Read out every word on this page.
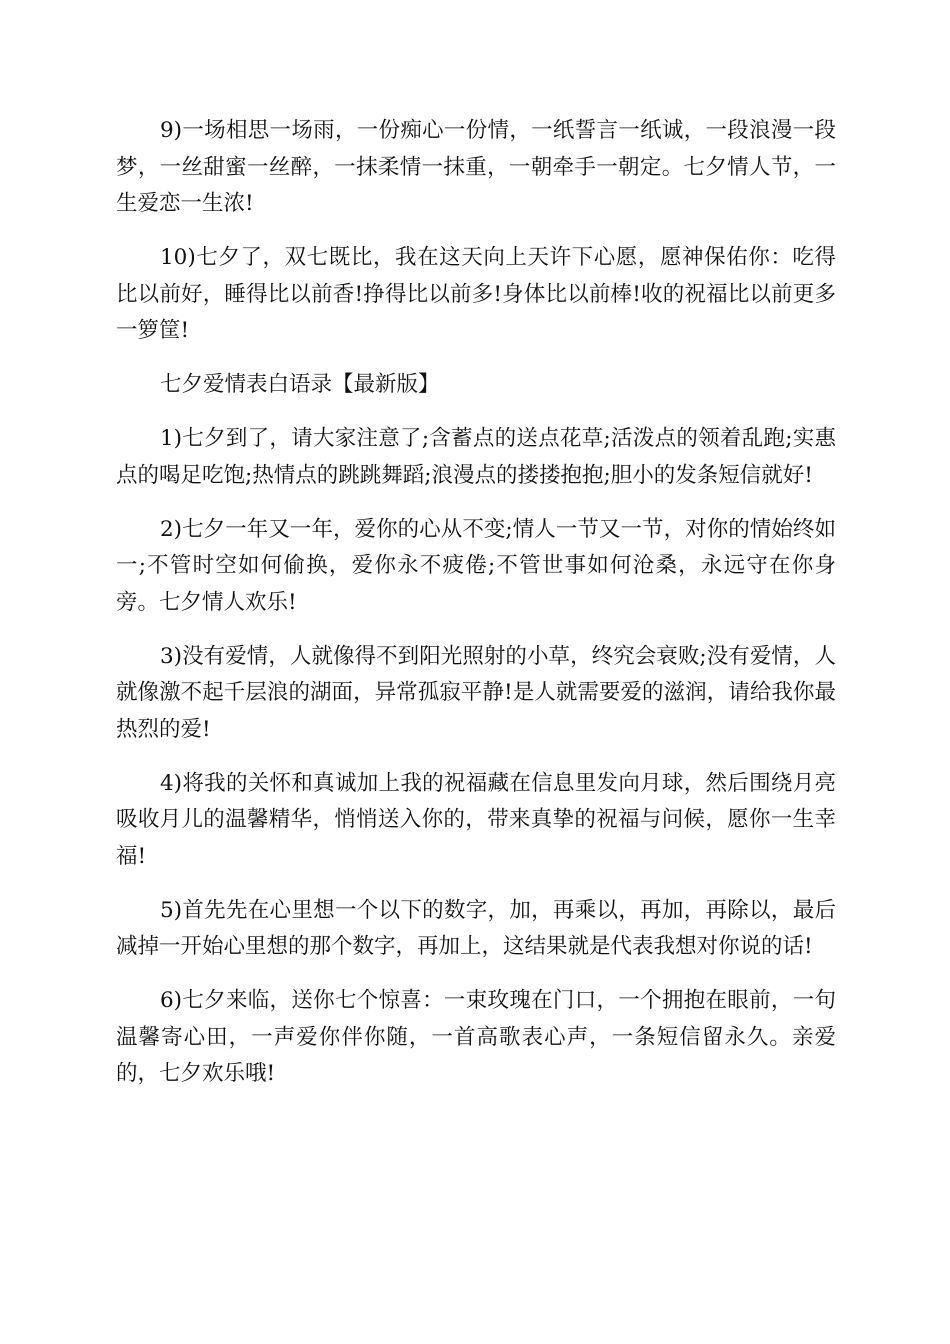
9)一场相思一场雨，一份痴心一份情，一纸誓言一纸诚，一段浪漫一段梦，一丝甜蜜一丝醉，一抹柔情一抹重，一朝牵手一朝定。七夕情人节，一生爱恋一生浓!

10)七夕了，双七既比，我在这天向上天许下心愿，愿神保佑你：吃得比以前好，睡得比以前香!挣得比以前多!身体比以前棒!收的祝福比以前更多一箩筐!

七夕爱情表白语录【最新版】

1)七夕到了，请大家注意了;含蓄点的送点花草;活泼点的领着乱跑;实惠点的喝足吃饱;热情点的跳跳舞蹈;浪漫点的搂搂抱抱;胆小的发条短信就好!

2)七夕一年又一年，爱你的心从不变;情人一节又一节，对你的情始终如一;不管时空如何偷换，爱你永不疲倦;不管世事如何沧桑，永远守在你身旁。七夕情人欢乐!

3)没有爱情，人就像得不到阳光照射的小草，终究会衰败;没有爱情，人就像激不起千层浪的湖面，异常孤寂平静!是人就需要爱的滋润，请给我你最热烈的爱!

4)将我的关怀和真诚加上我的祝福藏在信息里发向月球，然后围绕月亮吸收月儿的温馨精华，悄悄送入你的，带来真挚的祝福与问候，愿你一生幸福!

5)首先先在心里想一个以下的数字，加，再乘以，再加，再除以，最后减掉一开始心里想的那个数字，再加上，这结果就是代表我想对你说的话!

6)七夕来临，送你七个惊喜：一束玫瑰在门口，一个拥抱在眼前，一句温馨寄心田，一声爱你伴你随，一首高歌表心声，一条短信留永久。亲爱的，七夕欢乐哦!
